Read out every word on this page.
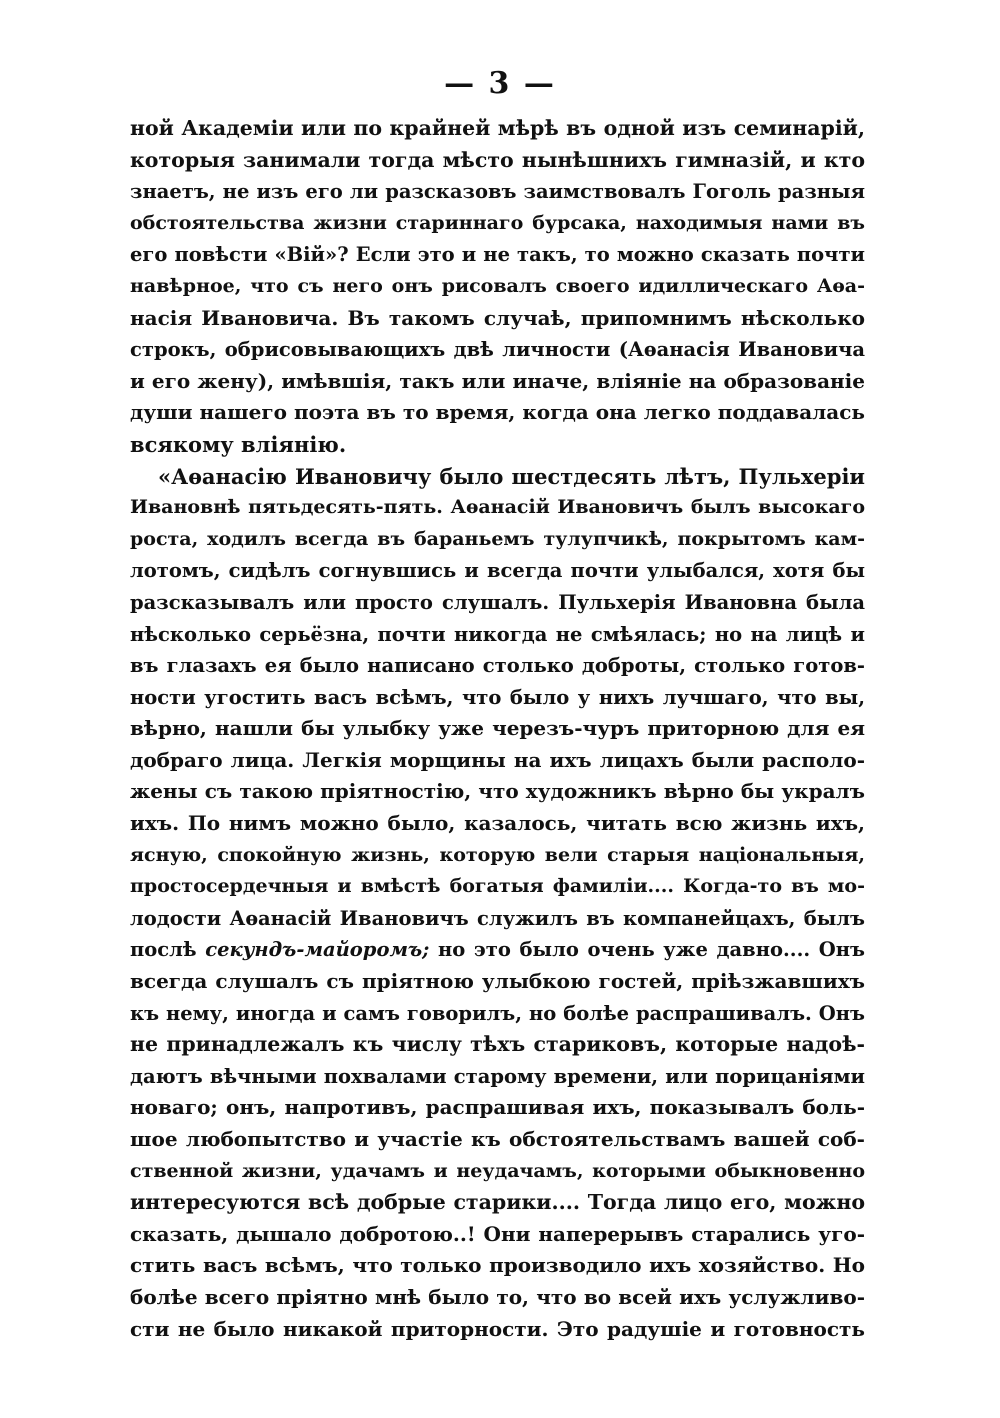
— 3 —
ной Академіи или по крайней мѣрѣ въ одной изъ семинарій,
которыя занимали тогда мѣсто нынѣшнихъ гимназій, и кто
знаетъ, не изъ его ли разсказовъ заимствовалъ Гоголь разныя
обстоятельства жизни стариннаго бурсака, находимыя нами въ
его повѣсти «Вій»? Если это и не такъ, то можно сказать почти
навѣрное, что съ него онъ рисовалъ своего идиллическаго Аѳа-
насія Ивановича. Въ такомъ случаѣ, припомнимъ нѣсколько
строкъ, обрисовывающихъ двѣ личности (Аѳанасія Ивановича
и его жену), имѣвшія, такъ или иначе, вліяніе на образованіе
души нашего поэта въ то время, когда она легко поддавалась
всякому вліянію.
«Аѳанасію Ивановичу было шестдесять лѣтъ, Пульхеріи
Ивановнѣ пятьдесять-пять. Аѳанасій Ивановичъ былъ высокаго
роста, ходилъ всегда въ бараньемъ тулупчикѣ, покрытомъ кам-
лотомъ, сидѣлъ согнувшись и всегда почти улыбался, хотя бы
разсказывалъ или просто слушалъ. Пульхерія Ивановна была
нѣсколько серьёзна, почти никогда не смѣялась; но на лицѣ и
въ глазахъ ея было написано столько доброты, столько готов-
ности угостить васъ всѣмъ, что было у нихъ лучшаго, что вы,
вѣрно, нашли бы улыбку уже черезъ-чуръ приторною для ея
добраго лица. Легкія морщины на ихъ лицахъ были располо-
жены съ такою пріятностію, что художникъ вѣрно бы укралъ
ихъ. По нимъ можно было, казалось, читать всю жизнь ихъ,
ясную, спокойную жизнь, которую вели старыя національныя,
простосердечныя и вмѣстѣ богатыя фамиліи.... Когда-то въ мо-
лодости Аѳанасій Ивановичъ служилъ въ компанейцахъ, былъ
послѣ секундъ-майоромъ; но это было очень уже давно.... Онъ
всегда слушалъ съ пріятною улыбкою гостей, пріѣзжавшихъ
къ нему, иногда и самъ говорилъ, но болѣе распрашивалъ. Онъ
не принадлежалъ къ числу тѣхъ стариковъ, которые надоѣ-
даютъ вѣчными похвалами старому времени, или порицаніями
новаго; онъ, напротивъ, распрашивая ихъ, показывалъ боль-
шое любопытство и участіе къ обстоятельствамъ вашей соб-
ственной жизни, удачамъ и неудачамъ, которыми обыкновенно
интересуются всѣ добрые старики.... Тогда лицо его, можно
сказать, дышало добротою..! Они наперерывъ старались уго-
стить васъ всѣмъ, что только производило ихъ хозяйство. Но
болѣе всего пріятно мнѣ было то, что во всей ихъ услужливо-
сти не было никакой приторности. Это радушіе и готовность
